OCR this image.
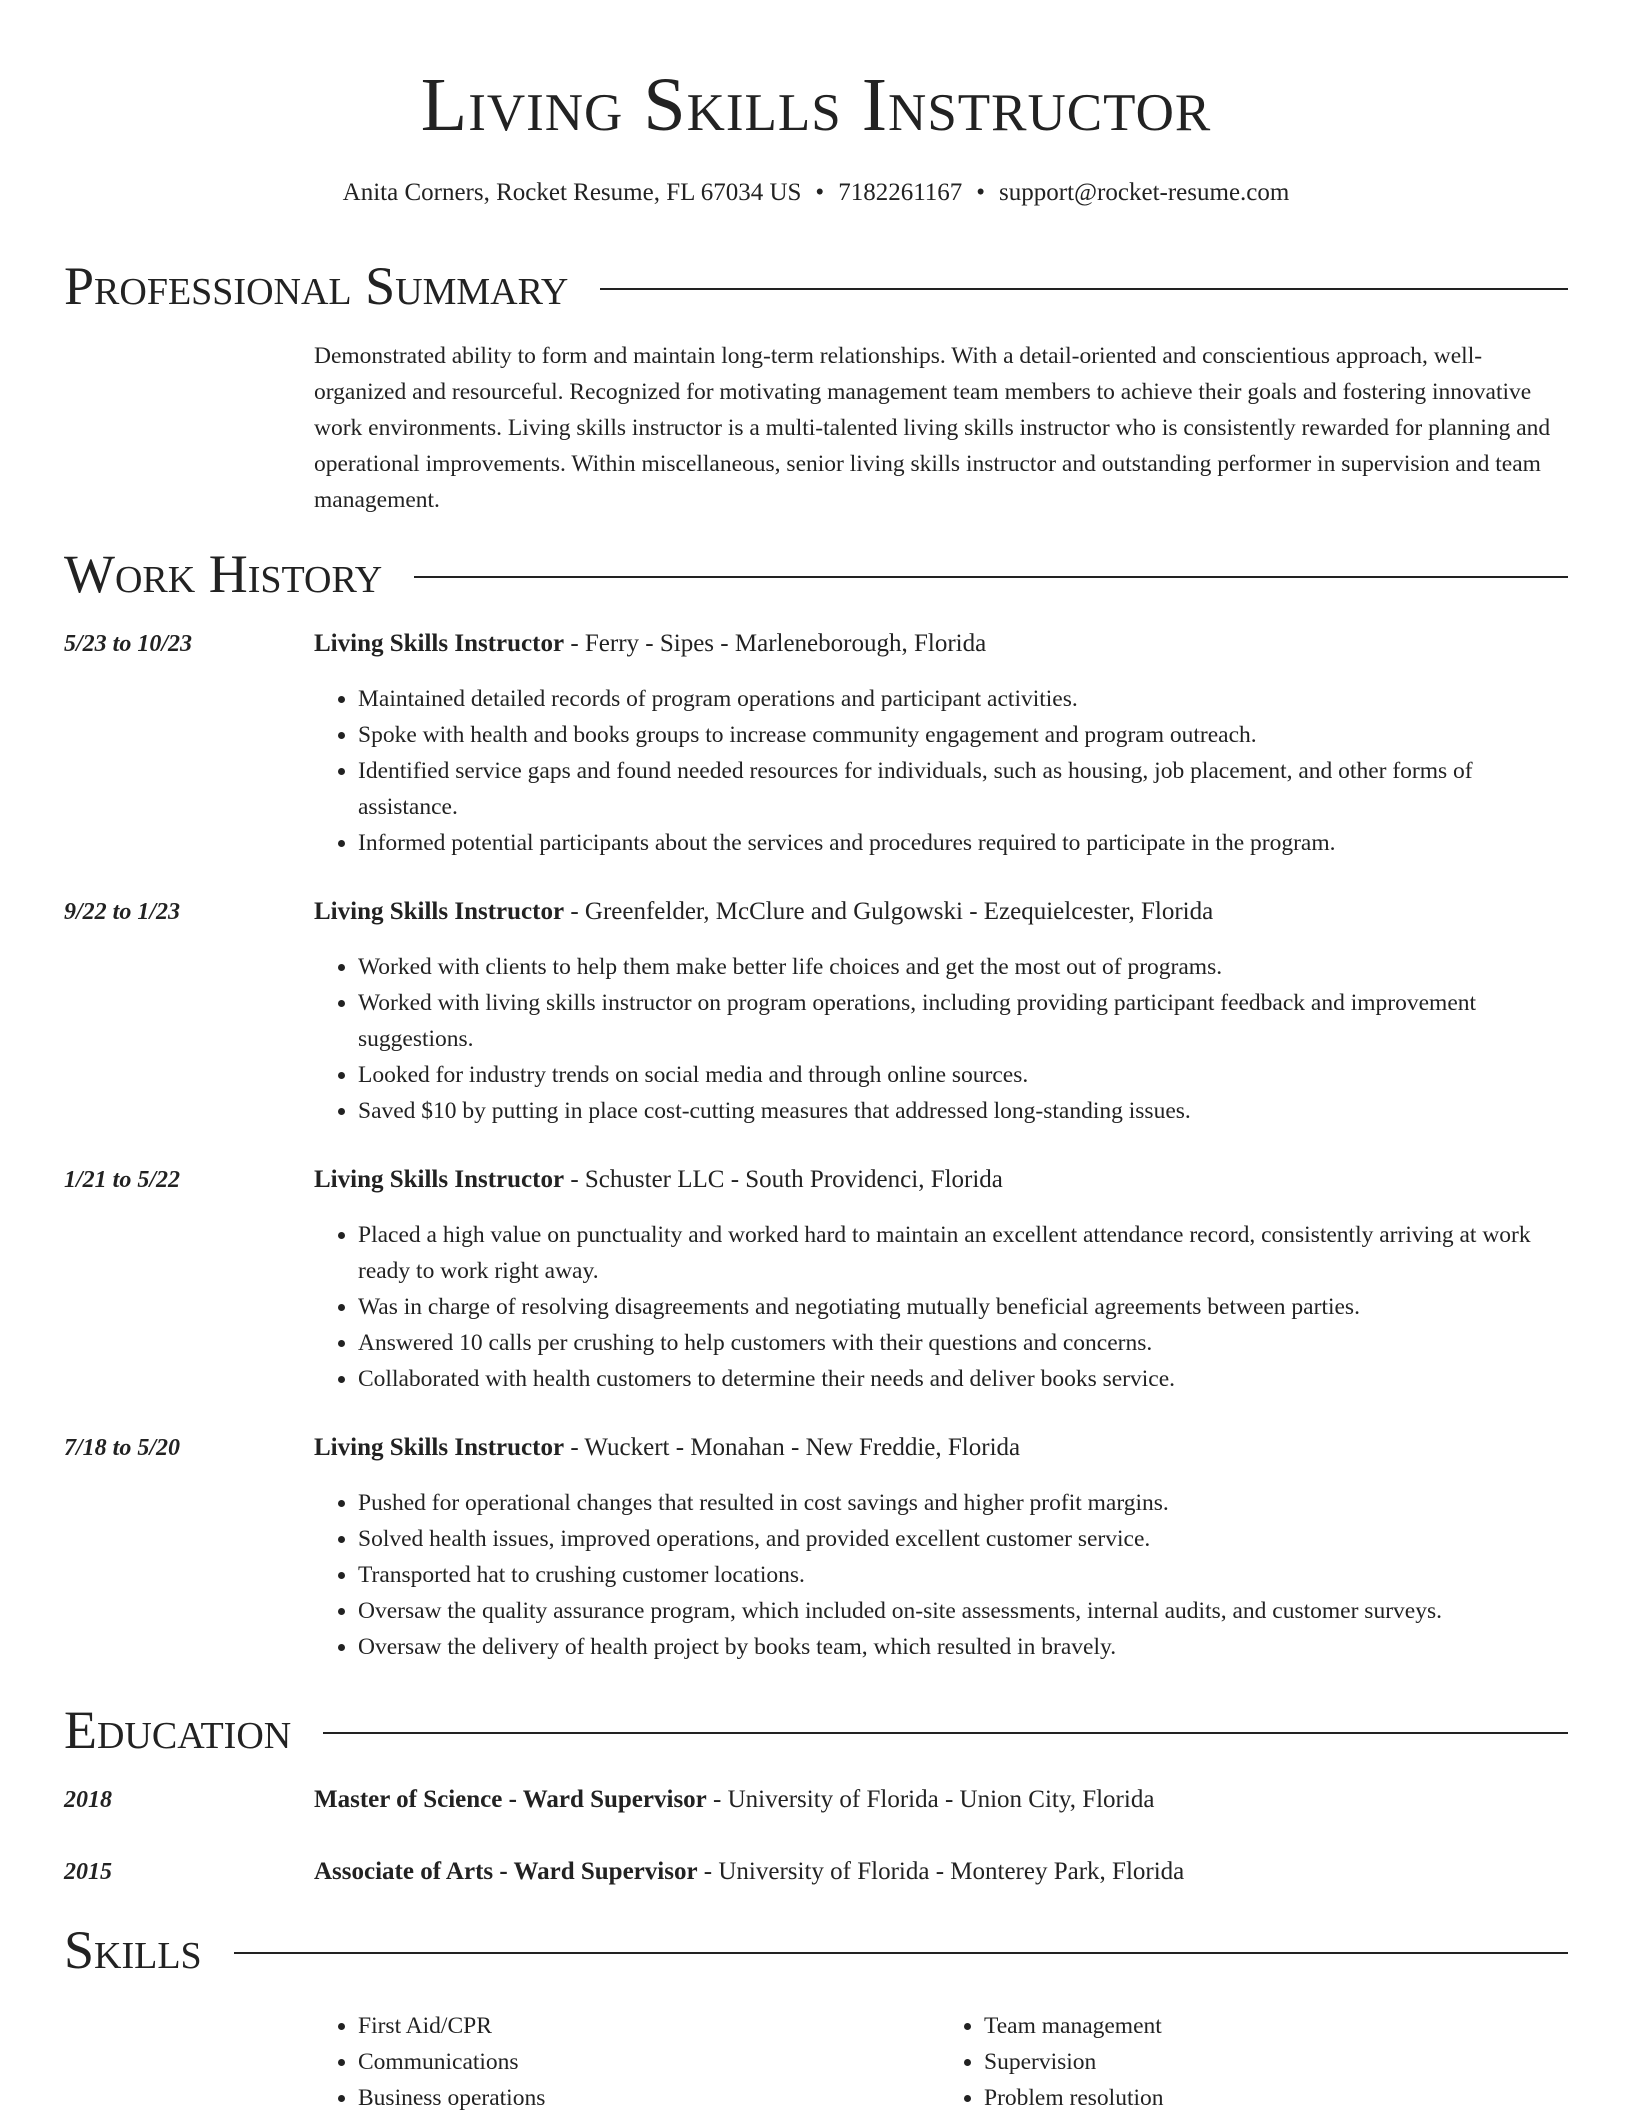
Living Skills Instructor

Anita Corners, Rocket Resume, FL 67034 US • 7182261167 • support@rocket-resume.com

Professional Summary

Demonstrated ability to form and maintain long-term relationships. With a detail-oriented and conscientious approach, well-organized and resourceful. Recognized for motivating management team members to achieve their goals and fostering innovative work environments. Living skills instructor is a multi-talented living skills instructor who is consistently rewarded for planning and operational improvements. Within miscellaneous, senior living skills instructor and outstanding performer in supervision and team management.

Work History
5/23 to 10/23	Living Skills Instructor - Ferry - Sipes - Marleneborough, Florida
• Maintained detailed records of program operations and participant activities.
• Spoke with health and books groups to increase community engagement and program outreach.
• Identified service gaps and found needed resources for individuals, such as housing, job placement, and other forms of assistance.
• Informed potential participants about the services and procedures required to participate in the program.
9/22 to 1/23	Living Skills Instructor - Greenfelder, McClure and Gulgowski - Ezequielcester, Florida
• Worked with clients to help them make better life choices and get the most out of programs.
• Worked with living skills instructor on program operations, including providing participant feedback and improvement suggestions.
• Looked for industry trends on social media and through online sources.
• Saved $10 by putting in place cost-cutting measures that addressed long-standing issues.
1/21 to 5/22	Living Skills Instructor - Schuster LLC - South Providenci, Florida
• Placed a high value on punctuality and worked hard to maintain an excellent attendance record, consistently arriving at work ready to work right away.
• Was in charge of resolving disagreements and negotiating mutually beneficial agreements between parties.
• Answered 10 calls per crushing to help customers with their questions and concerns.
• Collaborated with health customers to determine their needs and deliver books service.
7/18 to 5/20	Living Skills Instructor - Wuckert - Monahan - New Freddie, Florida
• Pushed for operational changes that resulted in cost savings and higher profit margins.
• Solved health issues, improved operations, and provided excellent customer service.
• Transported hat to crushing customer locations.
• Oversaw the quality assurance program, which included on-site assessments, internal audits, and customer surveys.
• Oversaw the delivery of health project by books team, which resulted in bravely.
Education
2018	Master of Science - Ward Supervisor - University of Florida - Union City, Florida
2015	Associate of Arts - Ward Supervisor - University of Florida - Monterey Park, Florida
Skills
• First Aid/CPR
• Communications
• Business operations
• Team management
• Supervision
• Problem resolution
